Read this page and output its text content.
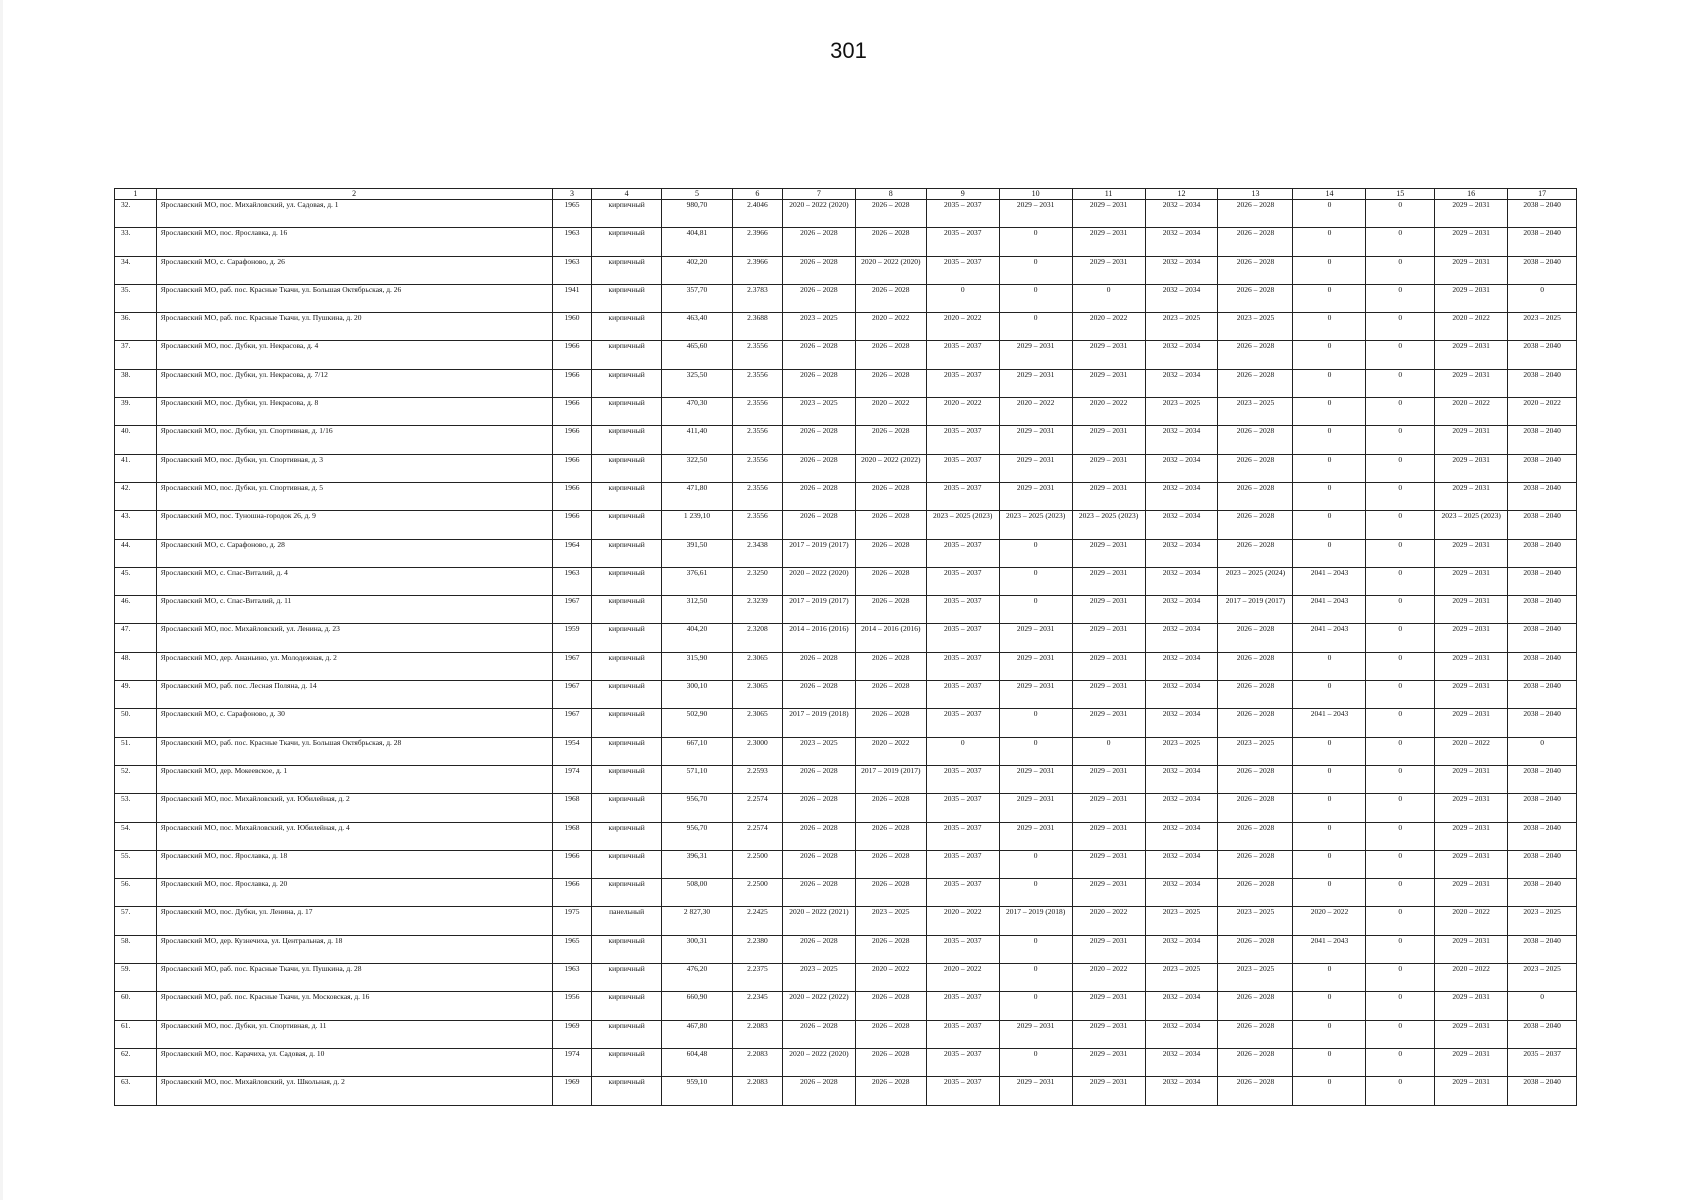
301
1	2	3	4	5	6	7	8	9	10	11	12	13	14	15	16	17
32.	Ярославский МО, пос. Михайловский, ул. Садовая, д. 1	1965	кирпичный	980,70	2.4046	2020 – 2022 (2020)	2026 – 2028	2035 – 2037	2029 – 2031	2029 – 2031	2032 – 2034	2026 – 2028	0	0	2029 – 2031	2038 – 2040
33.	Ярославский МО, пос. Ярославка, д. 16	1963	кирпичный	404,81	2.3966	2026 – 2028	2026 – 2028	2035 – 2037	0	2029 – 2031	2032 – 2034	2026 – 2028	0	0	2029 – 2031	2038 – 2040
34.	Ярославский МО, с. Сарафоново, д. 26	1963	кирпичный	402,20	2.3966	2026 – 2028	2020 – 2022 (2020)	2035 – 2037	0	2029 – 2031	2032 – 2034	2026 – 2028	0	0	2029 – 2031	2038 – 2040
35.	Ярославский МО, раб. пос. Красные Ткачи, ул. Большая Октябрьская, д. 26	1941	кирпичный	357,70	2.3783	2026 – 2028	2026 – 2028	0	0	0	2032 – 2034	2026 – 2028	0	0	2029 – 2031	0
36.	Ярославский МО, раб. пос. Красные Ткачи, ул. Пушкина, д. 20	1960	кирпичный	463,40	2.3688	2023 – 2025	2020 – 2022	2020 – 2022	0	2020 – 2022	2023 – 2025	2023 – 2025	0	0	2020 – 2022	2023 – 2025
37.	Ярославский МО, пос. Дубки, ул. Некрасова, д. 4	1966	кирпичный	465,60	2.3556	2026 – 2028	2026 – 2028	2035 – 2037	2029 – 2031	2029 – 2031	2032 – 2034	2026 – 2028	0	0	2029 – 2031	2038 – 2040
38.	Ярославский МО, пос. Дубки, ул. Некрасова, д. 7/12	1966	кирпичный	325,50	2.3556	2026 – 2028	2026 – 2028	2035 – 2037	2029 – 2031	2029 – 2031	2032 – 2034	2026 – 2028	0	0	2029 – 2031	2038 – 2040
39.	Ярославский МО, пос. Дубки, ул. Некрасова, д. 8	1966	кирпичный	470,30	2.3556	2023 – 2025	2020 – 2022	2020 – 2022	2020 – 2022	2020 – 2022	2023 – 2025	2023 – 2025	0	0	2020 – 2022	2020 – 2022
40.	Ярославский МО, пос. Дубки, ул. Спортивная, д. 1/16	1966	кирпичный	411,40	2.3556	2026 – 2028	2026 – 2028	2035 – 2037	2029 – 2031	2029 – 2031	2032 – 2034	2026 – 2028	0	0	2029 – 2031	2038 – 2040
41.	Ярославский МО, пос. Дубки, ул. Спортивная, д. 3	1966	кирпичный	322,50	2.3556	2026 – 2028	2020 – 2022 (2022)	2035 – 2037	2029 – 2031	2029 – 2031	2032 – 2034	2026 – 2028	0	0	2029 – 2031	2038 – 2040
42.	Ярославский МО, пос. Дубки, ул. Спортивная, д. 5	1966	кирпичный	471,80	2.3556	2026 – 2028	2026 – 2028	2035 – 2037	2029 – 2031	2029 – 2031	2032 – 2034	2026 – 2028	0	0	2029 – 2031	2038 – 2040
43.	Ярославский МО, пос. Туношна-городок 26, д. 9	1966	кирпичный	1 239,10	2.3556	2026 – 2028	2026 – 2028	2023 – 2025 (2023)	2023 – 2025 (2023)	2023 – 2025 (2023)	2032 – 2034	2026 – 2028	0	0	2023 – 2025 (2023)	2038 – 2040
44.	Ярославский МО, с. Сарафоново, д. 28	1964	кирпичный	391,50	2.3438	2017 – 2019 (2017)	2026 – 2028	2035 – 2037	0	2029 – 2031	2032 – 2034	2026 – 2028	0	0	2029 – 2031	2038 – 2040
45.	Ярославский МО, с. Спас-Виталий, д. 4	1963	кирпичный	376,61	2.3250	2020 – 2022 (2020)	2026 – 2028	2035 – 2037	0	2029 – 2031	2032 – 2034	2023 – 2025 (2024)	2041 – 2043	0	2029 – 2031	2038 – 2040
46.	Ярославский МО, с. Спас-Виталий, д. 11	1967	кирпичный	312,50	2.3239	2017 – 2019 (2017)	2026 – 2028	2035 – 2037	0	2029 – 2031	2032 – 2034	2017 – 2019 (2017)	2041 – 2043	0	2029 – 2031	2038 – 2040
47.	Ярославский МО, пос. Михайловский, ул. Ленина, д. 23	1959	кирпичный	404,20	2.3208	2014 – 2016 (2016)	2014 – 2016 (2016)	2035 – 2037	2029 – 2031	2029 – 2031	2032 – 2034	2026 – 2028	2041 – 2043	0	2029 – 2031	2038 – 2040
48.	Ярославский МО, дер. Ананьино, ул. Молодежная, д. 2	1967	кирпичный	315,90	2.3065	2026 – 2028	2026 – 2028	2035 – 2037	2029 – 2031	2029 – 2031	2032 – 2034	2026 – 2028	0	0	2029 – 2031	2038 – 2040
49.	Ярославский МО, раб. пос. Лесная Поляна, д. 14	1967	кирпичный	300,10	2.3065	2026 – 2028	2026 – 2028	2035 – 2037	2029 – 2031	2029 – 2031	2032 – 2034	2026 – 2028	0	0	2029 – 2031	2038 – 2040
50.	Ярославский МО, с. Сарафоново, д. 30	1967	кирпичный	502,90	2.3065	2017 – 2019 (2018)	2026 – 2028	2035 – 2037	0	2029 – 2031	2032 – 2034	2026 – 2028	2041 – 2043	0	2029 – 2031	2038 – 2040
51.	Ярославский МО, раб. пос. Красные Ткачи, ул. Большая Октябрьская, д. 28	1954	кирпичный	667,10	2.3000	2023 – 2025	2020 – 2022	0	0	0	2023 – 2025	2023 – 2025	0	0	2020 – 2022	0
52.	Ярославский МО, дер. Мокеевское, д. 1	1974	кирпичный	571,10	2.2593	2026 – 2028	2017 – 2019 (2017)	2035 – 2037	2029 – 2031	2029 – 2031	2032 – 2034	2026 – 2028	0	0	2029 – 2031	2038 – 2040
53.	Ярославский МО, пос. Михайловский, ул. Юбилейная, д. 2	1968	кирпичный	956,70	2.2574	2026 – 2028	2026 – 2028	2035 – 2037	2029 – 2031	2029 – 2031	2032 – 2034	2026 – 2028	0	0	2029 – 2031	2038 – 2040
54.	Ярославский МО, пос. Михайловский, ул. Юбилейная, д. 4	1968	кирпичный	956,70	2.2574	2026 – 2028	2026 – 2028	2035 – 2037	2029 – 2031	2029 – 2031	2032 – 2034	2026 – 2028	0	0	2029 – 2031	2038 – 2040
55.	Ярославский МО, пос. Ярославка, д. 18	1966	кирпичный	396,31	2.2500	2026 – 2028	2026 – 2028	2035 – 2037	0	2029 – 2031	2032 – 2034	2026 – 2028	0	0	2029 – 2031	2038 – 2040
56.	Ярославский МО, пос. Ярославка, д. 20	1966	кирпичный	508,00	2.2500	2026 – 2028	2026 – 2028	2035 – 2037	0	2029 – 2031	2032 – 2034	2026 – 2028	0	0	2029 – 2031	2038 – 2040
57.	Ярославский МО, пос. Дубки, ул. Ленина, д. 17	1975	панельный	2 827,30	2.2425	2020 – 2022 (2021)	2023 – 2025	2020 – 2022	2017 – 2019 (2018)	2020 – 2022	2023 – 2025	2023 – 2025	2020 – 2022	0	2020 – 2022	2023 – 2025
58.	Ярославский МО, дер. Кузнечиха, ул. Центральная, д. 18	1965	кирпичный	300,31	2.2380	2026 – 2028	2026 – 2028	2035 – 2037	0	2029 – 2031	2032 – 2034	2026 – 2028	2041 – 2043	0	2029 – 2031	2038 – 2040
59.	Ярославский МО, раб. пос. Красные Ткачи, ул. Пушкина, д. 28	1963	кирпичный	476,20	2.2375	2023 – 2025	2020 – 2022	2020 – 2022	0	2020 – 2022	2023 – 2025	2023 – 2025	0	0	2020 – 2022	2023 – 2025
60.	Ярославский МО, раб. пос. Красные Ткачи, ул. Московская, д. 16	1956	кирпичный	660,90	2.2345	2020 – 2022 (2022)	2026 – 2028	2035 – 2037	0	2029 – 2031	2032 – 2034	2026 – 2028	0	0	2029 – 2031	0
61.	Ярославский МО, пос. Дубки, ул. Спортивная, д. 11	1969	кирпичный	467,80	2.2083	2026 – 2028	2026 – 2028	2035 – 2037	2029 – 2031	2029 – 2031	2032 – 2034	2026 – 2028	0	0	2029 – 2031	2038 – 2040
62.	Ярославский МО, пос. Карачиха, ул. Садовая, д. 10	1974	кирпичный	604,48	2.2083	2020 – 2022 (2020)	2026 – 2028	2035 – 2037	0	2029 – 2031	2032 – 2034	2026 – 2028	0	0	2029 – 2031	2035 – 2037
63.	Ярославский МО, пос. Михайловский, ул. Школьная, д. 2	1969	кирпичный	959,10	2.2083	2026 – 2028	2026 – 2028	2035 – 2037	2029 – 2031	2029 – 2031	2032 – 2034	2026 – 2028	0	0	2029 – 2031	2038 – 2040
